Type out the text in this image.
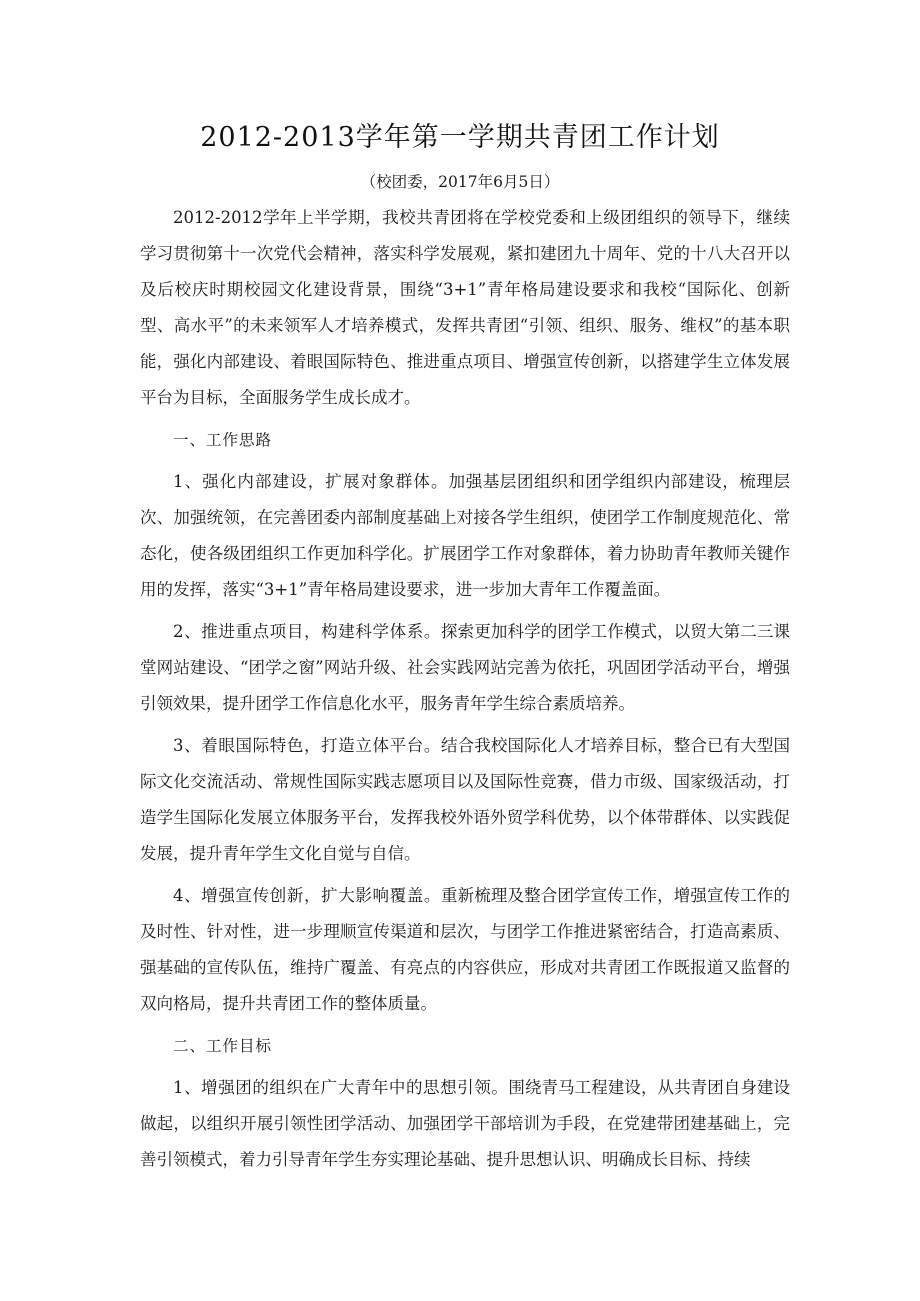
2012-2013学年第一学期共青团工作计划
（校团委，2017年6月5日）

2012-2012学年上半学期，我校共青团将在学校党委和上级团组织的领导下，继续学习贯彻第十一次党代会精神，落实科学发展观，紧扣建团九十周年、党的十八大召开以及后校庆时期校园文化建设背景，围绕“3+1”青年格局建设要求和我校“国际化、创新型、高水平”的未来领军人才培养模式，发挥共青团“引领、组织、服务、维权”的基本职能，强化内部建设、着眼国际特色、推进重点项目、增强宣传创新，以搭建学生立体发展平台为目标，全面服务学生成长成才。

一、工作思路

1、强化内部建设，扩展对象群体。加强基层团组织和团学组织内部建设，梳理层次、加强统领，在完善团委内部制度基础上对接各学生组织，使团学工作制度规范化、常态化，使各级团组织工作更加科学化。扩展团学工作对象群体，着力协助青年教师关键作用的发挥，落实“3+1”青年格局建设要求，进一步加大青年工作覆盖面。

2、推进重点项目，构建科学体系。探索更加科学的团学工作模式，以贸大第二三课堂网站建设、“团学之窗”网站升级、社会实践网站完善为依托，巩固团学活动平台，增强引领效果，提升团学工作信息化水平，服务青年学生综合素质培养。

3、着眼国际特色，打造立体平台。结合我校国际化人才培养目标，整合已有大型国际文化交流活动、常规性国际实践志愿项目以及国际性竞赛，借力市级、国家级活动，打造学生国际化发展立体服务平台，发挥我校外语外贸学科优势，以个体带群体、以实践促发展，提升青年学生文化自觉与自信。

4、增强宣传创新，扩大影响覆盖。重新梳理及整合团学宣传工作，增强宣传工作的及时性、针对性，进一步理顺宣传渠道和层次，与团学工作推进紧密结合，打造高素质、强基础的宣传队伍，维持广覆盖、有亮点的内容供应，形成对共青团工作既报道又监督的双向格局，提升共青团工作的整体质量。

二、工作目标

1、增强团的组织在广大青年中的思想引领。围绕青马工程建设，从共青团自身建设做起，以组织开展引领性团学活动、加强团学干部培训为手段，在党建带团建基础上，完善引领模式，着力引导青年学生夯实理论基础、提升思想认识、明确成长目标、持续
